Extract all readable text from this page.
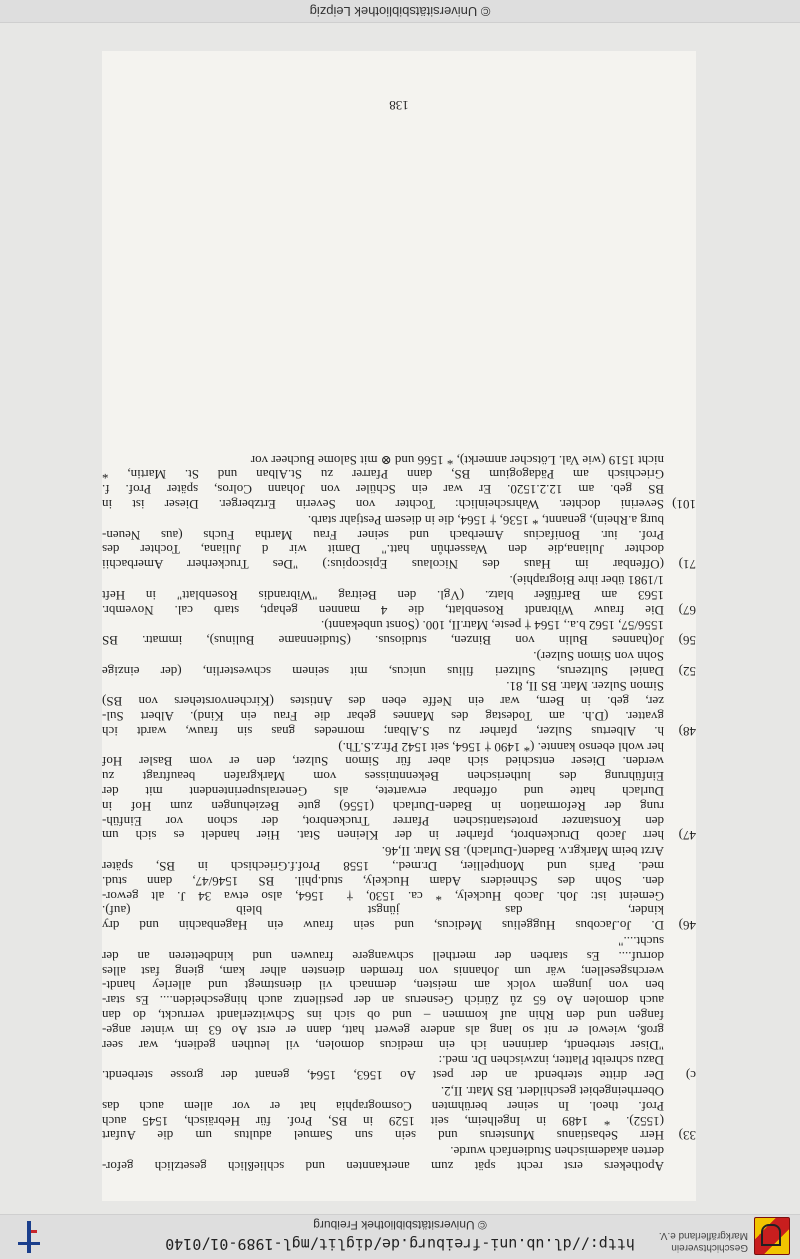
Geschichtsverein Markgräflerland e.V.
http://dl.ub.uni-freiburg.de/diglit/mgl-1989-01/0140
© Universitätsbibliothek Freiburg
Apothekers erst recht spät zum anerkannten und schließlich gesetzlich gefor-
derten akademischen Studienfach wurde.
33)Herr Sebastianus Munsterus und sein sun Samuel adultus um die Aufart
(1552). * 1489 in Ingelheim, seit 1529 in BS, Prof. für Hebräisch, 1545 auch
Prof. theol. In seiner berühmten Cosmographia hat er vor allem auch das
Oberrheingebiet geschildert. BS Matr. II,2.
c)Der dritte sterbendt an der pest Ao 1563, 1564, genant der grosse sterbendt.
Dazu schreibt Platter, inzwischen Dr. med.:
"Diser sterbendt, darinnen ich ein medicus domolen, vil leuthen gedient, war seer
groß, wiewol er nit so lang als andere gewert hatt, dann er erst Ao 63 im winter ange-
fangen und den Rhin auf kommen – und ob sich ins Schwitzerlandt verruckt, do dan
auch domolen Ao 65 zů Zürich Gesnerus an der pestilentz auch hingescheiden.... Es star-
ben von jungem volck am meisten, demnach vil dienstmegt und allerley handt-
werchsgesellen; wär um Johannis von fremden diensten alher kam, gieng fast alles
dorruf.... Es starben der merthell schwangere frauwen und kindbetteren an der
sucht...."
46)D. Jo.Jacobus Huggelius Medicus, und sein frauw ein Hagenbachin und dry
kinder, das jüngst bleib (auf).
Gemeint ist: Joh. Jacob Huckely, * ca. 1530, † 1564, also etwa 34 J. alt gewor-
den. Sohn des Schneiders Adam Huckely, stud.phil. BS 1546/47, dann stud.
med. Paris und Montpellier, Dr.med., 1558 Prof.f.Griechisch in BS, später
Arzt beim Markgr.v. Baden(-Durlach). BS Matr. II,46.
47)herr Jacob Druckenbrot, pfarher in der Kleinen Stat. Hier handelt es sich um
den Konstanzer protestantischen Pfarrer Truckenbrot, der schon vor Einfüh-
rung der Reformation in Baden-Durlach (1556) gute Beziehungen zum Hof in
Durlach hatte und offenbar erwartete, als Generalsuperintendent mit der
Einführung des lutherischen Bekenntnisses vom Markgrafen beauftragt zu
werden. Dieser entschied sich aber für Simon Sulzer, den er vom Basler Hof
her wohl ebenso kannte. (* 1490 † 1564, seit 1542 Pfr.z.S.Th.)
48)h. Albertus Sulzer, pfarher zu S.Alban; mornedes gnas sin frauw, wardt ich
gvatter. (D.h. am Todestag des Mannes gebar die Frau ein Kind). Albert Sul-
zer, geb. in Bern, war ein Neffe eben des Antistes (Kirchenvorstehers von BS)
Simon Sulzer. Matr. BS II, 81.
52)Daniel Sultzerus, Sultzeri filius unicus, mit seinem schwesterlin, (der einzige
Sohn von Simon Sulzer).
56)Jo(hannes Bulin von Binzen, studiosus. (Studienname Bulinus), immatr. BS
1556/57, 1562 b.a., 1564 † peste, Matr.II, 100. (Sonst unbekannt).
67)Die frauw Wibrandt Rosenblatt, die 4 mannen gehapt, starb cal. Novembr.
1563 am Barfüßer blatz. (Vgl. den Beitrag "Wibrandis Rosenblatt" in Heft
1/1981 über ihre Biographie).
71)(Offenbar im Haus des Nicolaus Episcopius:) "Des Truckerherr Amerbachii
dochter Juliana,die den Wasserhůn hatt." Damit wir d Juliana, Tochter des
Prof. iur. Bonifacius Amerbach und seiner Frau Martha Fuchs (aus Neuen-
burg a.Rhein), genannt, * 1536, † 1564, die in diesem Pestjahr starb.
101)Severini dochter. Wahrscheinlich: Tochter von Severin Ertzberger. Dieser ist in
BS geb. am 12.2.1520. Er war ein Schüler von Johann Colros, später Prof. f.
Griechisch am Pädagogium BS, dann Pfarrer zu St.Alban und St. Martin, *
nicht 1519 (wie Val. Lötscher anmerkt), * 1566 und ⊗ mit Salome Bucheer vor
138
© Universitätsbibliothek Leipzig
